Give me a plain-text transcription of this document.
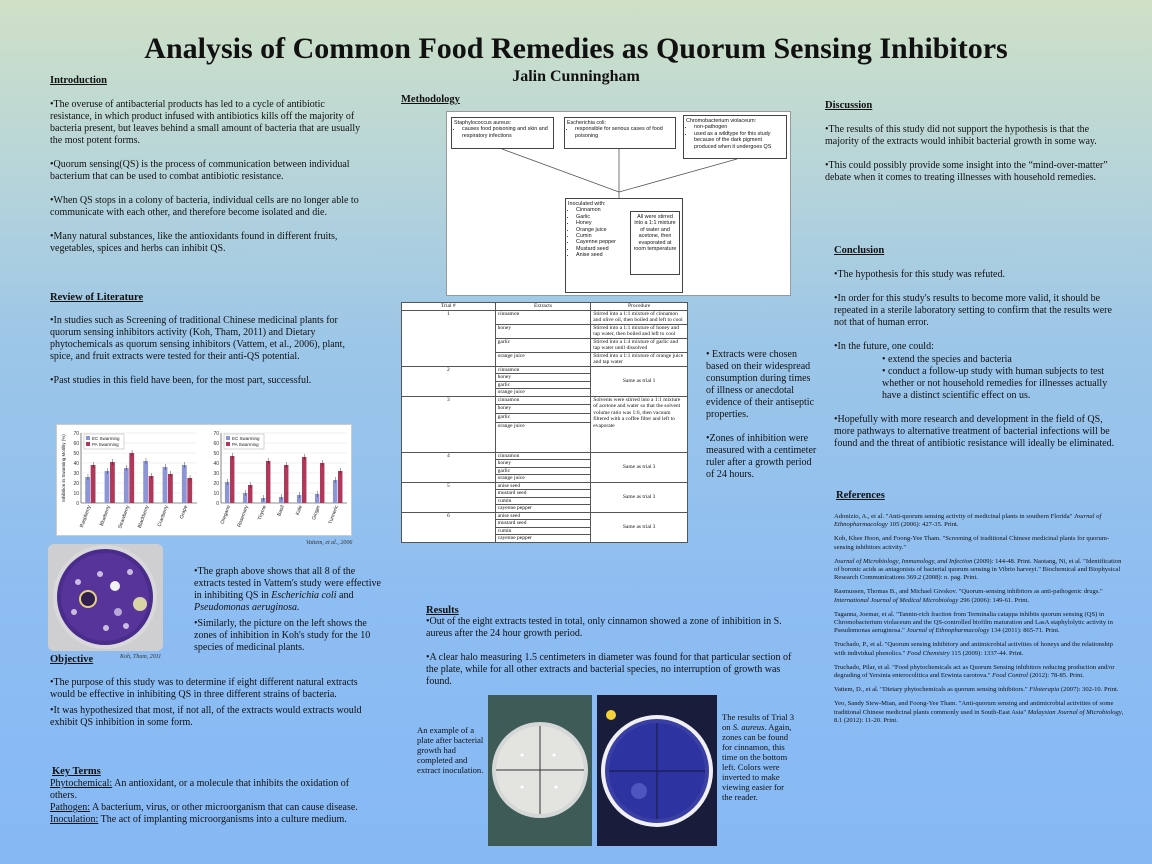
Analysis of Common Food Remedies as Quorum Sensing Inhibitors
Jalin Cunningham
Introduction

•The overuse of antibacterial products has led to a cycle of antibiotic resistance, in which product infused with antibiotics kills off the majority of bacteria present, but leaves behind a small amount of bacteria that are usually the most potent forms.

•Quorum sensing(QS) is the process of communication between individual bacterium that can be used to combat antibiotic resistance.

•When QS stops in a colony of bacteria, individual cells are no longer able to communicate with each other, and therefore become isolated and die.

•Many natural substances, like the antioxidants found in different fruits, vegetables, spices and herbs can inhibit QS.

Review of Literature

•In studies such as Screening of traditional Chinese medicinal plants for quorum sensing inhibitors activity (Koh, Tham, 2011) and Dietary phytochemicals as quorum sensing inhibitors (Vattem, et al., 2006), plant, spice, and fruit extracts were tested for their anti-QS potential.

•Past studies in this field have been, for the most part, successful.

0
10
20
30
40
50
60
70
Raspberry Blueberry Strawberry Blackberry Cranberry Grape
EC Swarming
PA Swarming
Inhibition in Swarming Motility (%)
0
10
20
30
40
50
60
70
Oregano Rosemary Thyme Basil Kale Ginger Turmeric
EC Swarming
PA Swarming
Vattem, et al., 2006
Koh, Tham, 2011

•The graph above shows that all 8 of the extracts tested in Vattem's study were effective in inhibiting QS in Escherichia coli and Pseudomonas aeruginosa.

•Similarly, the picture on the left shows the zones of inhibition in Koh's study for the 10 species of medicinal plants.

Objective

•The purpose of this study was to determine if eight different natural extracts would be effective in inhibiting QS in three different strains of bacteria.

•It was hypothesized that most, if not all, of the extracts would extracts would exhibit QS inhibition in some form.

Key Terms
Phytochemical: An antioxidant, or a molecule that inhibits the oxidation of others.
Pathogen: A bacterium, virus, or other microorganism that can cause disease.
Inoculation: The act of implanting microorganisms into a culture medium.
Methodology
Staphylococcus aureus:
• causes food poisoning and skin and respiratory infections
Escherichia coli:
• responsible for serious cases of food poisoning
Chromobacterium violaceum:
• non-pathogen
• used as a wildtype for this study because of the dark pigment produced when it undergoes QS
Inoculated with:
• Cinnamon
• Garlic
• Honey
• Orange juice
• Cumin
• Cayenne pepper
• Mustard seed
• Anise seed
All were stirred into a 1:1 mixture of water and acetone, then evaporated at room temperature
Trial #	Extracts	Procedure
1	cinnamon	Stirred into a 1:1 mixture of cinnamon and olive oil, then boiled and left to cool
	honey	Stirred into a 1:1 mixture of honey and tap water, then boiled and left to cool
	garlic	Stirred into a 1:4 mixture of garlic and tap water until dissolved
	orange juice	Stirred into a 1:1 mixture of orange juice and tap water
2	cinnamon	Same as trial 1
	honey	
	garlic	
	orange juice	
3	cinnamon	Solvents were stirred into a 1:1 mixture of acetone and water so that the solvent volume ratio was 1:6, then vacuum filtered with a coffee filter and left to evaporate
	honey	
	garlic	
	orange juice	
4	cinnamon	Same as trial 3
	honey	
	garlic	
	orange juice	
5	anise seed	Same as trial 3
	mustard seed	
	cumin	
	cayenne pepper	
6	anise seed	Same as trial 3
	mustard seed	
	cumin	
	cayenne pepper	

• Extracts were chosen based on their widespread consumption during times of illness or anecdotal evidence of their antiseptic properties.

•Zones of inhibition were measured with a centimeter ruler after a growth period of 24 hours.

Results

•Out of the eight extracts tested in total, only cinnamon showed a zone of inhibition in S. aureus after the 24 hour growth period.

•A clear halo measuring 1.5 centimeters in diameter was found for that particular section of the plate, while for all other extracts and bacterial species, no interruption of growth was found.

An example of a plate after bacterial growth had completed and extract inoculation.
The results of Trial 3 on S. aureus. Again, zones can be found for cinnamon, this time on the bottom left. Colors were inverted to make viewing easier for the reader.
Discussion

•The results of this study did not support the hypothesis is that the majority of the extracts would inhibit bacterial growth in some way.

•This could possibly provide some insight into the “mind-over-matter” debate when it comes to treating illnesses with household remedies.

Conclusion

•The hypothesis for this study was refuted.

•In order for this study's results to become more valid, it should be repeated in a sterile laboratory setting to confirm that the results were not that of human error.

•In the future, one could:

• extend the species and bacteria
• conduct a follow-up study with human subjects to test whether or not household remedies for illnesses actually have a distinct scientific effect on us.

•Hopefully with more research and development in the field of QS, more pathways to alternative treatment of bacterial infections will be found and the threat of antibiotic resistance will ideally be eliminated.

References
Adonizio, A., et al. "Anti-quorum sensing activity of medicinal plants in southern Florida" Journal of Ethnopharmacology 105 (2006): 427-35. Print.
Koh, Khee Hoon, and Foong-Yee Tham. "Screening of traditional Chinese medicinal plants for quorum-sensing inhibitors activity."
Journal of Microbiology, Immunology, and Infection (2009): 144-48. Print. Naotang, Ni, et al. "Identification of boronic acids as antagonists of bacterial quorum sensing in Vibrio harveyi." Biochemical and Biophysical Research Communications 369.2 (2008): n. pag. Print.
Rasmussen, Thomas B., and Michael Givskov. "Quorum-sensing inhibitors as anti-pathogenic drugs." International Journal of Medical Microbiology 296 (2006): 149-61. Print.
Taganna, Joemar, et al. "Tannin-rich fraction from Terminalia catappa inhibits quorum sensing (QS) in Chromobacterium violaceum and the QS-controlled biofilm maturation and LasA staphylolytic activity in Pseudomonas aeruginosa." Journal of Ethnopharmacology 134 (2011): 865-71. Print.
Truchado, P., et al. "Quorum sensing inhibitory and antimicrobial activities of honeys and the relationship with individual phenolics." Food Chemistry 115 (2009): 1337-44. Print.
Truchado, Pilar, et al. "Food phytochemicals act as Quorum Sensing inhibitors reducing production and/or degrading of Yersinia enterocolitica and Erwinia carotova." Food Control (2012): 78-85. Print.
Vattem, D., et al. "Dietary phytochemicals as quorum sensing inhibitors." Filoterapia (2007): 302-10. Print.
Yeo, Sandy Siew-Mian, and Foong-Yee Tham. "Anti-quorum sensing and antimicrobial activities of some traditional Chinese medicinal plants commonly used in South-East Asia" Malaysian Journal of Microbiology, 8.1 (2012): 11-20. Print.
